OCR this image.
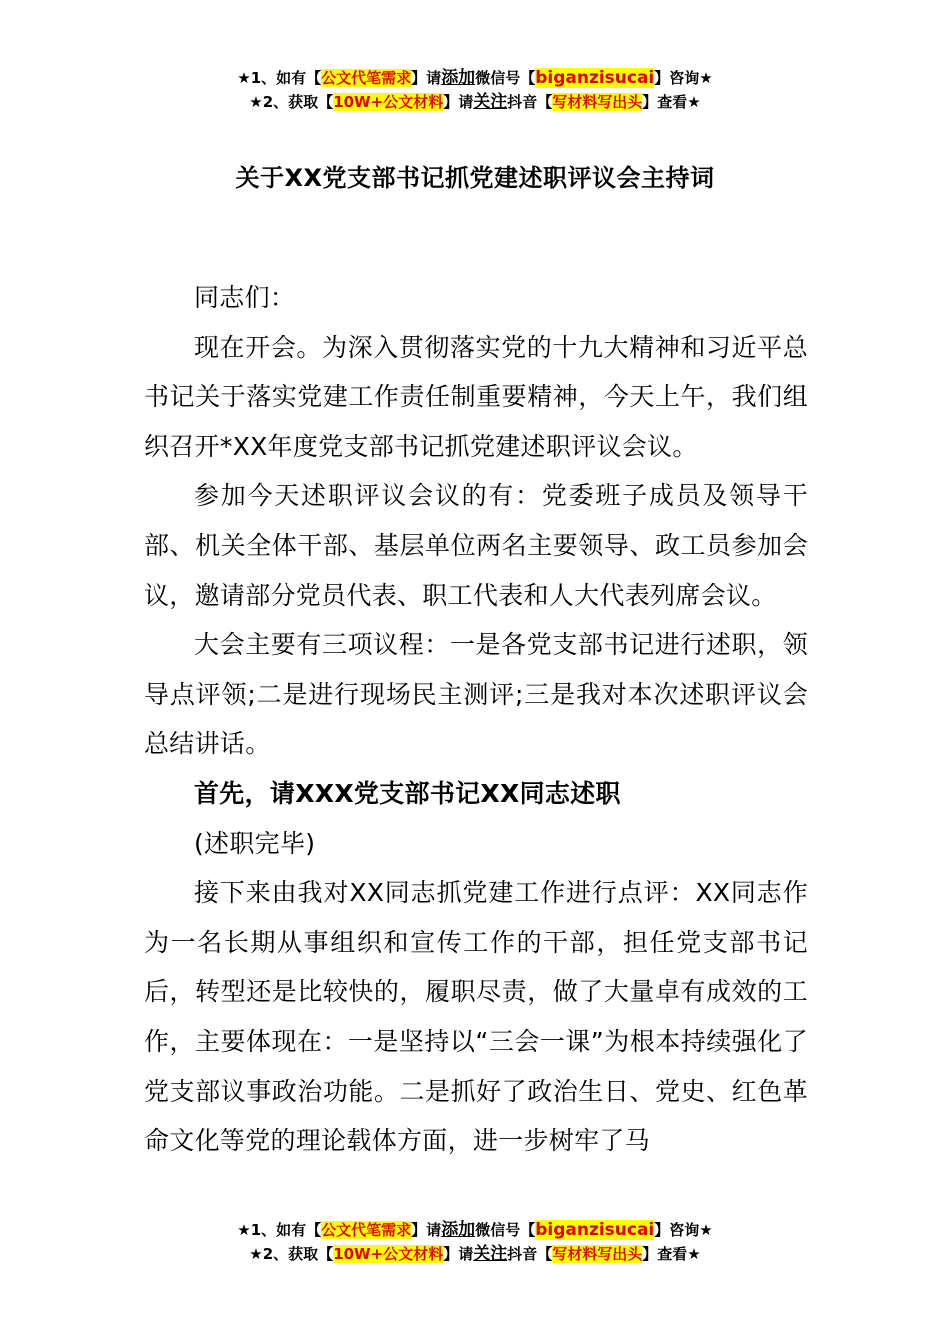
★1、如有【公文代笔需求】请添加微信号【biganzisucai】咨询★
★2、获取【10W+公文材料】请关注抖音【写材料写出头】查看★
关于XX党支部书记抓党建述职评议会主持词

同志们：

现在开会。为深入贯彻落实党的十九大精神和习近平总书记关于落实党建工作责任制重要精神，今天上午，我们组织召开*XX年度党支部书记抓党建述职评议会议。

参加今天述职评议会议的有：党委班子成员及领导干部、机关全体干部、基层单位两名主要领导、政工员参加会议，邀请部分党员代表、职工代表和人大代表列席会议。

大会主要有三项议程：一是各党支部书记进行述职，领导点评领;二是进行现场民主测评;三是我对本次述职评议会总结讲话。

首先，请XXX党支部书记XX同志述职

(述职完毕)

接下来由我对XX同志抓党建工作进行点评：XX同志作为一名长期从事组织和宣传工作的干部，担任党支部书记后，转型还是比较快的，履职尽责，做了大量卓有成效的工作，主要体现在：一是坚持以“三会一课”为根本持续强化了党支部议事政治功能。二是抓好了政治生日、党史、红色革命文化等党的理论载体方面，进一步树牢了马

★1、如有【公文代笔需求】请添加微信号【biganzisucai】咨询★
★2、获取【10W+公文材料】请关注抖音【写材料写出头】查看★
